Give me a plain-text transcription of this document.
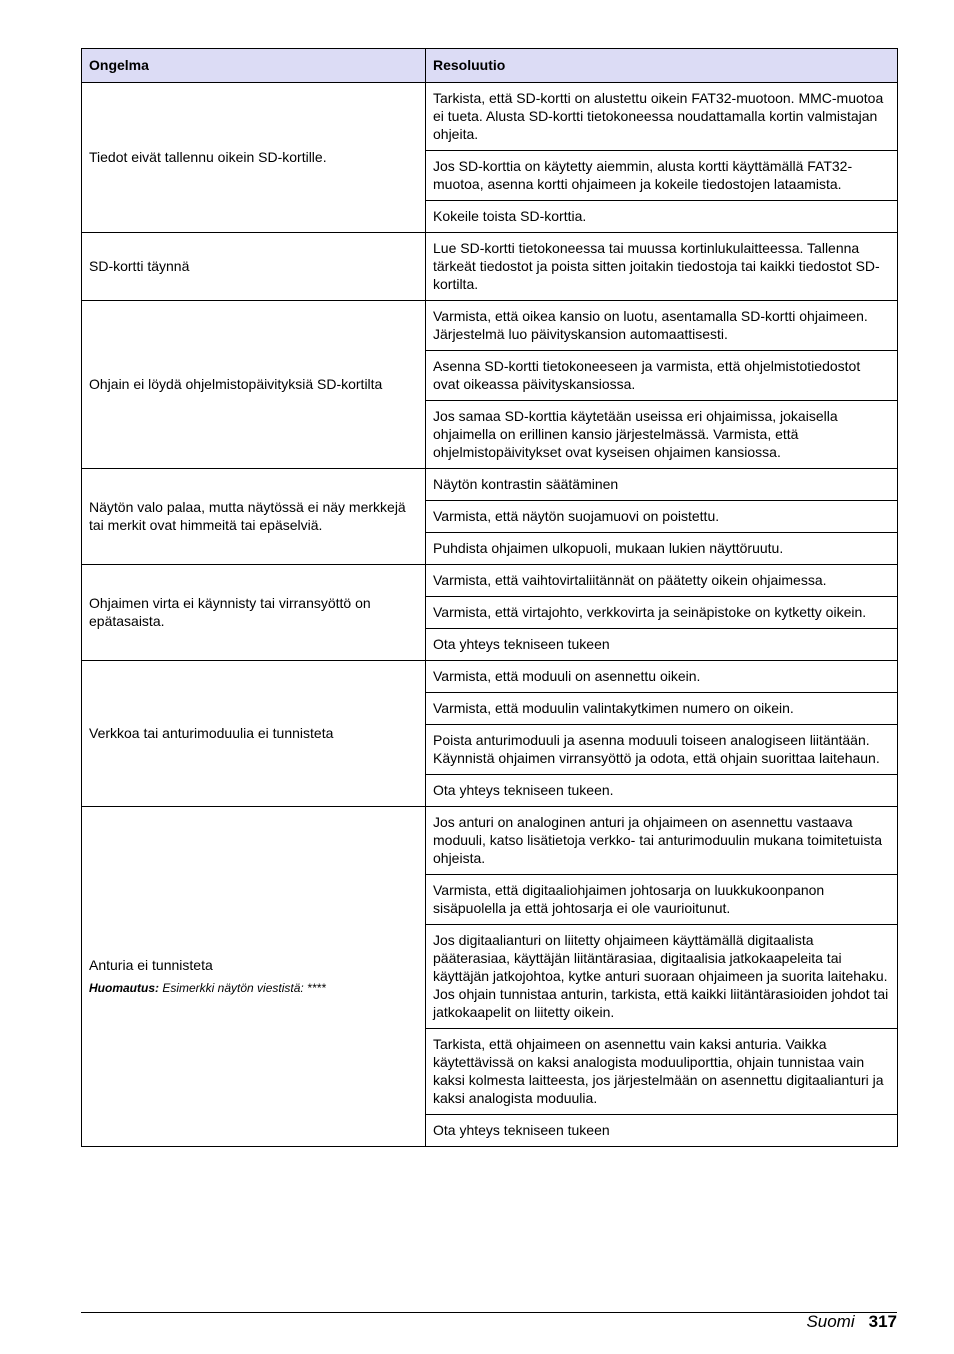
Ongelma	Resoluutio
Tiedot eivät tallennu oikein SD-kortille.	Tarkista, että SD-kortti on alustettu oikein FAT32-muotoon. MMC-muotoa ei tueta. Alusta SD-kortti tietokoneessa noudattamalla kortin valmistajan ohjeita.
	Jos SD-korttia on käytetty aiemmin, alusta kortti käyttämällä FAT32-muotoa, asenna kortti ohjaimeen ja kokeile tiedostojen lataamista.
	Kokeile toista SD-korttia.
SD-kortti täynnä	Lue SD-kortti tietokoneessa tai muussa kortinlukulaitteessa. Tallenna tärkeät tiedostot ja poista sitten joitakin tiedostoja tai kaikki tiedostot SD-kortilta.
Ohjain ei löydä ohjelmistopäivityksiä SD-kortilta	Varmista, että oikea kansio on luotu, asentamalla SD-kortti ohjaimeen. Järjestelmä luo päivityskansion automaattisesti.
	Asenna SD-kortti tietokoneeseen ja varmista, että ohjelmistotiedostot ovat oikeassa päivityskansiossa.
	Jos samaa SD-korttia käytetään useissa eri ohjaimissa, jokaisella ohjaimella on erillinen kansio järjestelmässä. Varmista, että ohjelmistopäivitykset ovat kyseisen ohjaimen kansiossa.
Näytön valo palaa, mutta näytössä ei näy merkkejä tai merkit ovat himmeitä tai epäselviä.	Näytön kontrastin säätäminen
	Varmista, että näytön suojamuovi on poistettu.
	Puhdista ohjaimen ulkopuoli, mukaan lukien näyttöruutu.
Ohjaimen virta ei käynnisty tai virransyöttö on epätasaista.	Varmista, että vaihtovirtaliitännät on päätetty oikein ohjaimessa.
	Varmista, että virtajohto, verkkovirta ja seinäpistoke on kytketty oikein.
	Ota yhteys tekniseen tukeen
Verkkoa tai anturimoduulia ei tunnisteta	Varmista, että moduuli on asennettu oikein.
	Varmista, että moduulin valintakytkimen numero on oikein.
	Poista anturimoduuli ja asenna moduuli toiseen analogiseen liitäntään. Käynnistä ohjaimen virransyöttö ja odota, että ohjain suorittaa laitehaun.
	Ota yhteys tekniseen tukeen.
Anturia ei tunnisteta
Huomautus: Esimerkki näytön viestistä: ****	Jos anturi on analoginen anturi ja ohjaimeen on asennettu vastaava moduuli, katso lisätietoja verkko- tai anturimoduulin mukana toimitetuista ohjeista.
	Varmista, että digitaaliohjaimen johtosarja on luukkukoonpanon sisäpuolella ja että johtosarja ei ole vaurioitunut.
	Jos digitaalianturi on liitetty ohjaimeen käyttämällä digitaalista pääterasiaa, käyttäjän liitäntärasiaa, digitaalisia jatkokaapeleita tai käyttäjän jatkojohtoa, kytke anturi suoraan ohjaimeen ja suorita laitehaku. Jos ohjain tunnistaa anturin, tarkista, että kaikki liitäntärasioiden johdot tai jatkokaapelit on liitetty oikein.
	Tarkista, että ohjaimeen on asennettu vain kaksi anturia. Vaikka käytettävissä on kaksi analogista moduuliporttia, ohjain tunnistaa vain kaksi kolmesta laitteesta, jos järjestelmään on asennettu digitaalianturi ja kaksi analogista moduulia.
	Ota yhteys tekniseen tukeen
Suomi 317
